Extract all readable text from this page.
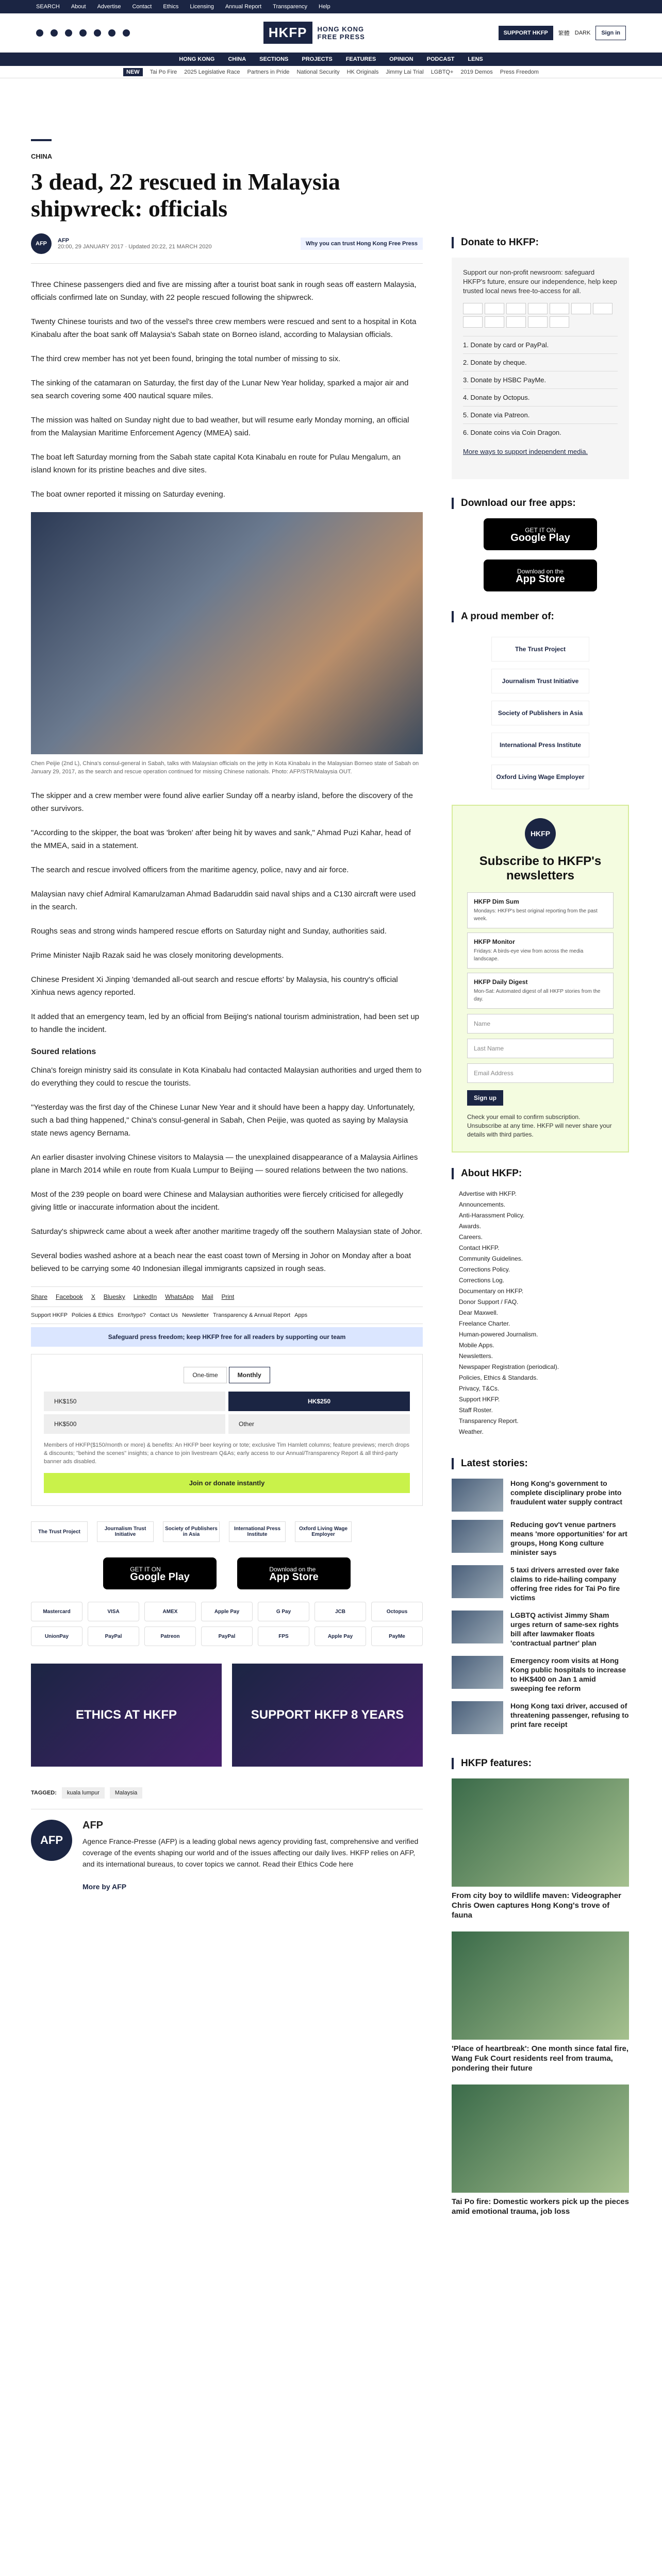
SEARCH About Advertise Contact Ethics Licensing Annual Report Transparency Help
HKFP	HONG KONG
FREE PRESS	SUPPORT HKFP	繁體 DARK	Sign in
HONG KONG CHINA SECTIONS PROJECTS FEATURES OPINION PODCAST LENS
NEW	Tai Po Fire 2025 Legislative Race Partners in Pride National Security HK Originals Jimmy Lai Trial LGBTQ+ 2019 Demos Press Freedom
CHINA
3 dead, 22 rescued in Malaysia shipwreck: officials
AFP	AFP
20:00, 29 JANUARY 2017 · Updated 20:22, 21 MARCH 2020	Why you can trust Hong Kong Free Press

Three Chinese passengers died and five are missing after a tourist boat sank in rough seas off eastern Malaysia, officials confirmed late on Sunday, with 22 people rescued following the shipwreck.

Twenty Chinese tourists and two of the vessel's three crew members were rescued and sent to a hospital in Kota Kinabalu after the boat sank off Malaysia's Sabah state on Borneo island, according to Malaysian officials.

The third crew member has not yet been found, bringing the total number of missing to six.

The sinking of the catamaran on Saturday, the first day of the Lunar New Year holiday, sparked a major air and sea search covering some 400 nautical square miles.

The mission was halted on Sunday night due to bad weather, but will resume early Monday morning, an official from the Malaysian Maritime Enforcement Agency (MMEA) said.

The boat left Saturday morning from the Sabah state capital Kota Kinabalu en route for Pulau Mengalum, an island known for its pristine beaches and dive sites.

The boat owner reported it missing on Saturday evening.

Chen Peijie (2nd L), China's consul-general in Sabah, talks with Malaysian officials on the jetty in Kota Kinabalu in the Malaysian Borneo state of Sabah on January 29, 2017, as the search and rescue operation continued for missing Chinese nationals. Photo: AFP/STR/Malaysia OUT.

The skipper and a crew member were found alive earlier Sunday off a nearby island, before the discovery of the other survivors.

"According to the skipper, the boat was 'broken' after being hit by waves and sank," Ahmad Puzi Kahar, head of the MMEA, said in a statement.

The search and rescue involved officers from the maritime agency, police, navy and air force.

Malaysian navy chief Admiral Kamarulzaman Ahmad Badaruddin said naval ships and a C130 aircraft were used in the search.

Roughs seas and strong winds hampered rescue efforts on Saturday night and Sunday, authorities said.

Prime Minister Najib Razak said he was closely monitoring developments.

Chinese President Xi Jinping 'demanded all-out search and rescue efforts' by Malaysia, his country's official Xinhua news agency reported.

It added that an emergency team, led by an official from Beijing's national tourism administration, had been set up to handle the incident.

Soured relations

China's foreign ministry said its consulate in Kota Kinabalu had contacted Malaysian authorities and urged them to do everything they could to rescue the tourists.

"Yesterday was the first day of the Chinese Lunar New Year and it should have been a happy day. Unfortunately, such a bad thing happened," China's consul-general in Sabah, Chen Peijie, was quoted as saying by Malaysia state news agency Bernama.

An earlier disaster involving Chinese visitors to Malaysia — the unexplained disappearance of a Malaysia Airlines plane in March 2014 while en route from Kuala Lumpur to Beijing — soured relations between the two nations.

Most of the 239 people on board were Chinese and Malaysian authorities were fiercely criticised for allegedly giving little or inaccurate information about the incident.

Saturday's shipwreck came about a week after another maritime tragedy off the southern Malaysian state of Johor.

Several bodies washed ashore at a beach near the east coast town of Mersing in Johor on Monday after a boat believed to be carrying some 40 Indonesian illegal immigrants capsized in rough seas.

Share Facebook X Bluesky LinkedIn WhatsApp Mail Print
Support HKFP Policies & Ethics Error/typo? Contact Us Newsletter Transparency & Annual Report Apps
Safeguard press freedom; keep HKFP free for all readers by supporting our team
One-time	Monthly
HK$150	HK$250
HK$500	Other
Members of HKFP($150/month or more) & benefits: An HKFP beer keyring or tote; exclusive Tim Hamlett columns; feature previews; merch drops & discounts; "behind the scenes" insights; a chance to join livestream Q&As; early access to our Annual/Transparency Report & all third-party banner ads disabled.
Join or donate instantly
The Trust Project	Journalism Trust Initiative
Society of Publishers in Asia
International Press Institute
Oxford Living Wage Employer
GET IT ON
Google Play
Download on the
App Store
Mastercard	VISA	AMEX	Apple Pay	G Pay	JCB	Octopus
UnionPay	PayPal	Patreon	PayPal	FPS	Apple Pay	PayMe
ETHICS AT HKFP	SUPPORT HKFP 8 YEARS
TAGGED:	kuala lumpur	Malaysia
AFP
AFP

Agence France-Presse (AFP) is a leading global news agency providing fast, comprehensive and verified coverage of the events shaping our world and of the issues affecting our daily lives. HKFP relies on AFP, and its international bureaus, to cover topics we cannot. Read their Ethics Code here

More by AFP

Donate to HKFP:

Support our non-profit newsroom: safeguard HKFP's future, ensure our independence, help keep trusted local news free-to-access for all.

1. Donate by card or PayPal.
2. Donate by cheque.
3. Donate by HSBC PayMe.
4. Donate by Octopus.
5. Donate via Patreon.
6. Donate coins via Coin Dragon.

More ways to support independent media.

Download our free apps:
GET IT ON
Google Play
Download on the
App Store
A proud member of:
The Trust Project
Journalism Trust Initiative
Society of Publishers in Asia
International Press Institute
Oxford Living Wage Employer
HKFP
Subscribe to HKFP's newsletters
HKFP Dim Sum
Mondays: HKFP's best original reporting from the past week.
HKFP Monitor
Fridays: A birds-eye view from across the media landscape.
HKFP Daily Digest
Mon-Sat: Automated digest of all HKFP stories from the day.
Name
Last Name
Email Address
Sign up
Check your email to confirm subscription. Unsubscribe at any time. HKFP will never share your details with third parties.
About HKFP:
Advertise with HKFP.
Announcements.
Anti-Harassment Policy.
Awards.
Careers.
Contact HKFP.
Community Guidelines.
Corrections Policy.
Corrections Log.
Documentary on HKFP.
Donor Support / FAQ.
Dear Maxwell.
Freelance Charter.
Human-powered Journalism.
Mobile Apps.
Newsletters.
Newspaper Registration (periodical).
Policies, Ethics & Standards.
Privacy, T&Cs.
Support HKFP.
Staff Roster.
Transparency Report.
Weather.
Latest stories:
Hong Kong's government to complete disciplinary probe into fraudulent water supply contract
Reducing gov't venue partners means 'more opportunities' for art groups, Hong Kong culture minister says
5 taxi drivers arrested over fake claims to ride-hailing company offering free rides for Tai Po fire victims
LGBTQ activist Jimmy Sham urges return of same-sex rights bill after lawmaker floats 'contractual partner' plan
Emergency room visits at Hong Kong public hospitals to increase to HK$400 on Jan 1 amid sweeping fee reform
Hong Kong taxi driver, accused of threatening passenger, refusing to print fare receipt
HKFP features:
From city boy to wildlife maven: Videographer Chris Owen captures Hong Kong's trove of fauna
'Place of heartbreak': One month since fatal fire, Wang Fuk Court residents reel from trauma, pondering their future
Tai Po fire: Domestic workers pick up the pieces amid emotional trauma, job loss
